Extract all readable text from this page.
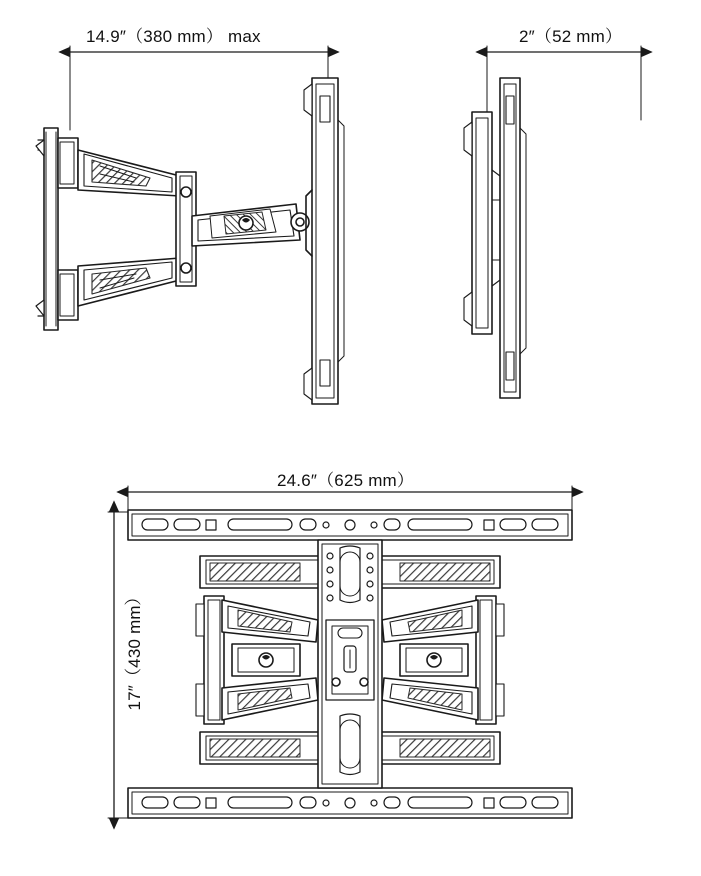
14.9″（380 mm） max	2″（52 mm）
24.6″（625 mm）
17″（430 mm）
